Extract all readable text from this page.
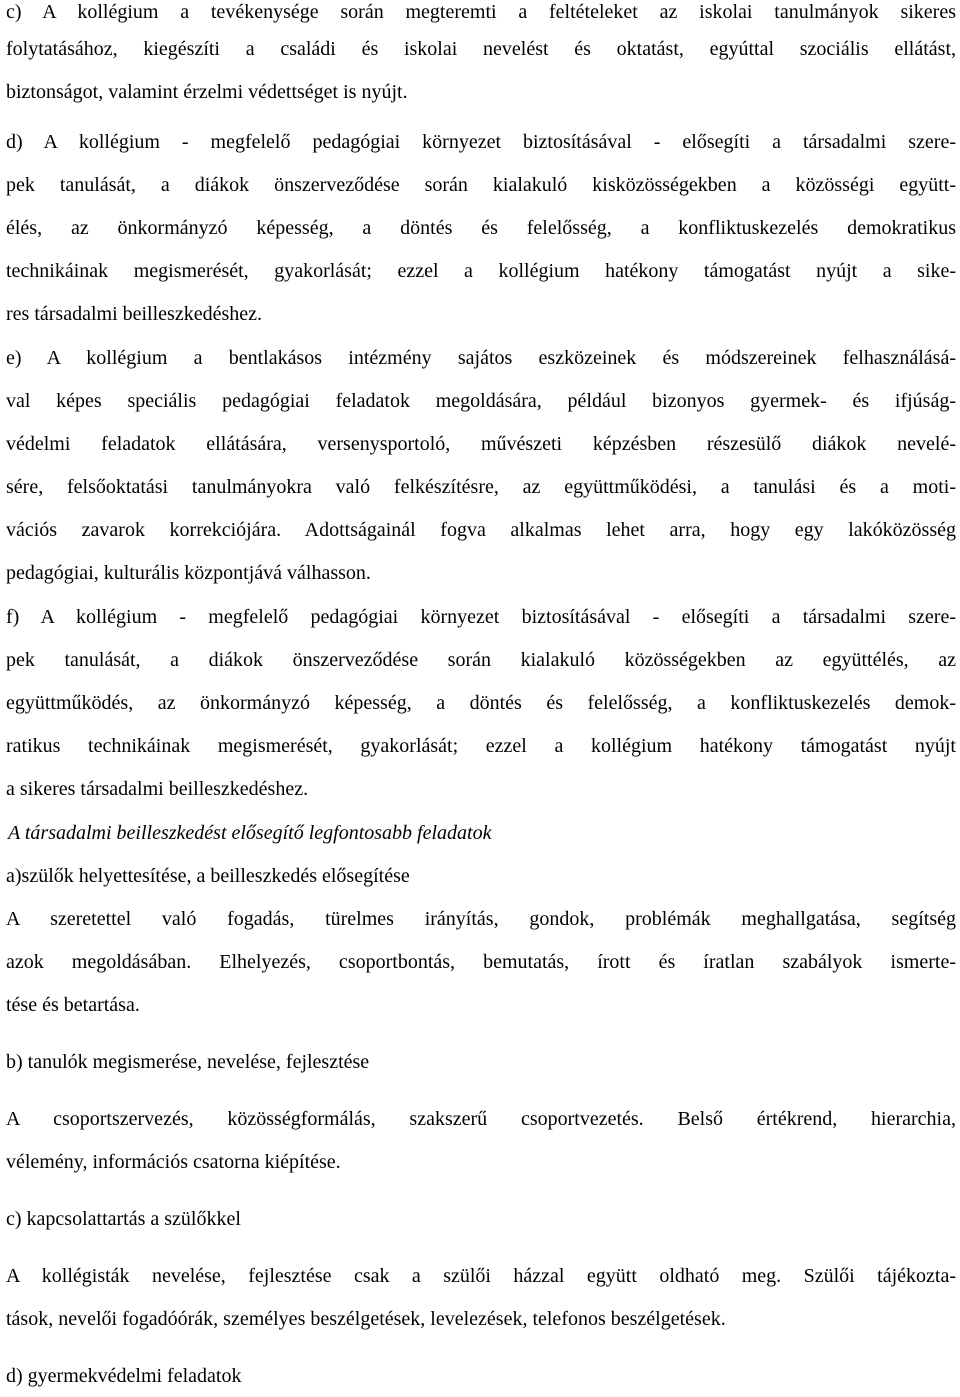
c) A kollégium a tevékenysége során megteremti a feltételeket az iskolai tanulmányok sikeres
folytatásához, kiegészíti a családi és iskolai nevelést és oktatást, egyúttal szociális ellátást,
biztonságot, valamint érzelmi védettséget is nyújt.
d) A kollégium - megfelelő pedagógiai környezet biztosításával - elősegíti a társadalmi szere-
pek tanulását, a diákok önszerveződése során kialakuló kisközösségekben a közösségi együtt-
élés, az önkormányzó képesség, a döntés és felelősség, a konfliktuskezelés demokratikus
technikáinak megismerését, gyakorlását; ezzel a kollégium hatékony támogatást nyújt a sike-
res társadalmi beilleszkedéshez.
e) A kollégium a bentlakásos intézmény sajátos eszközeinek és módszereinek felhasználásá-
val képes speciális pedagógiai feladatok megoldására, például bizonyos gyermek- és ifjúság-
védelmi feladatok ellátására, versenysportoló, művészeti képzésben részesülő diákok nevelé-
sére, felsőoktatási tanulmányokra való felkészítésre, az együttműködési, a tanulási és a moti-
vációs zavarok korrekciójára. Adottságainál fogva alkalmas lehet arra, hogy egy lakóközösség
pedagógiai, kulturális központjává válhasson.
f) A kollégium - megfelelő pedagógiai környezet biztosításával - elősegíti a társadalmi szere-
pek tanulását, a diákok önszerveződése során kialakuló közösségekben az együttélés, az
együttműködés, az önkormányzó képesség, a döntés és felelősség, a konfliktuskezelés demok-
ratikus technikáinak megismerését, gyakorlását; ezzel a kollégium hatékony támogatást nyújt
a sikeres társadalmi beilleszkedéshez.
A társadalmi beilleszkedést elősegítő legfontosabb feladatok
a)szülők helyettesítése, a beilleszkedés elősegítése
A szeretettel való fogadás, türelmes irányítás, gondok, problémák meghallgatása, segítség
azok megoldásában. Elhelyezés, csoportbontás, bemutatás, írott és íratlan szabályok ismerte-
tése és betartása.
b) tanulók megismerése, nevelése, fejlesztése
A csoportszervezés, közösségformálás, szakszerű csoportvezetés. Belső értékrend, hierarchia,
vélemény, információs csatorna kiépítése.
c) kapcsolattartás a szülőkkel
A kollégisták nevelése, fejlesztése csak a szülői házzal együtt oldható meg. Szülői tájékozta-
tások, nevelői fogadóórák, személyes beszélgetések, levelezések, telefonos beszélgetések.
d) gyermekvédelmi feladatok
